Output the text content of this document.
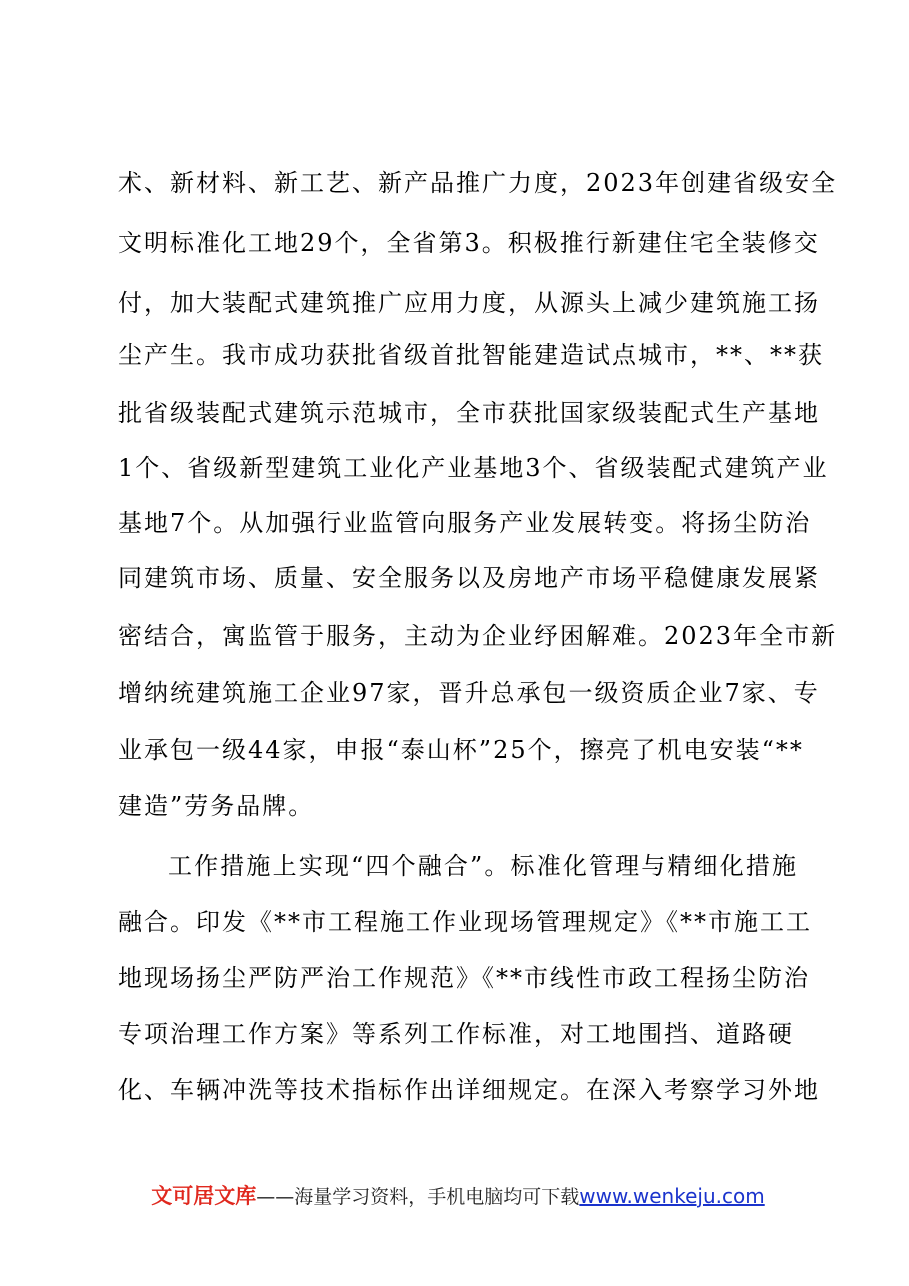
术、新材料、新工艺、新产品推广力度，2023年创建省级安全
文明标准化工地29个，全省第3。积极推行新建住宅全装修交
付，加大装配式建筑推广应用力度，从源头上减少建筑施工扬
尘产生。我市成功获批省级首批智能建造试点城市，**、**获
批省级装配式建筑示范城市，全市获批国家级装配式生产基地
1个、省级新型建筑工业化产业基地3个、省级装配式建筑产业
基地7个。从加强行业监管向服务产业发展转变。将扬尘防治
同建筑市场、质量、安全服务以及房地产市场平稳健康发展紧
密结合，寓监管于服务，主动为企业纾困解难。2023年全市新
增纳统建筑施工企业97家，晋升总承包一级资质企业7家、专
业承包一级44家，申报“泰山杯”25个，擦亮了机电安装“**
建造”劳务品牌。
工作措施上实现“四个融合”。标准化管理与精细化措施
融合。印发《**市工程施工作业现场管理规定》《**市施工工
地现场扬尘严防严治工作规范》《**市线性市政工程扬尘防治
专项治理工作方案》等系列工作标准，对工地围挡、道路硬
化、车辆冲洗等技术指标作出详细规定。在深入考察学习外地
文可居文库——海量学习资料，手机电脑均可下载www.wenkeju.com
